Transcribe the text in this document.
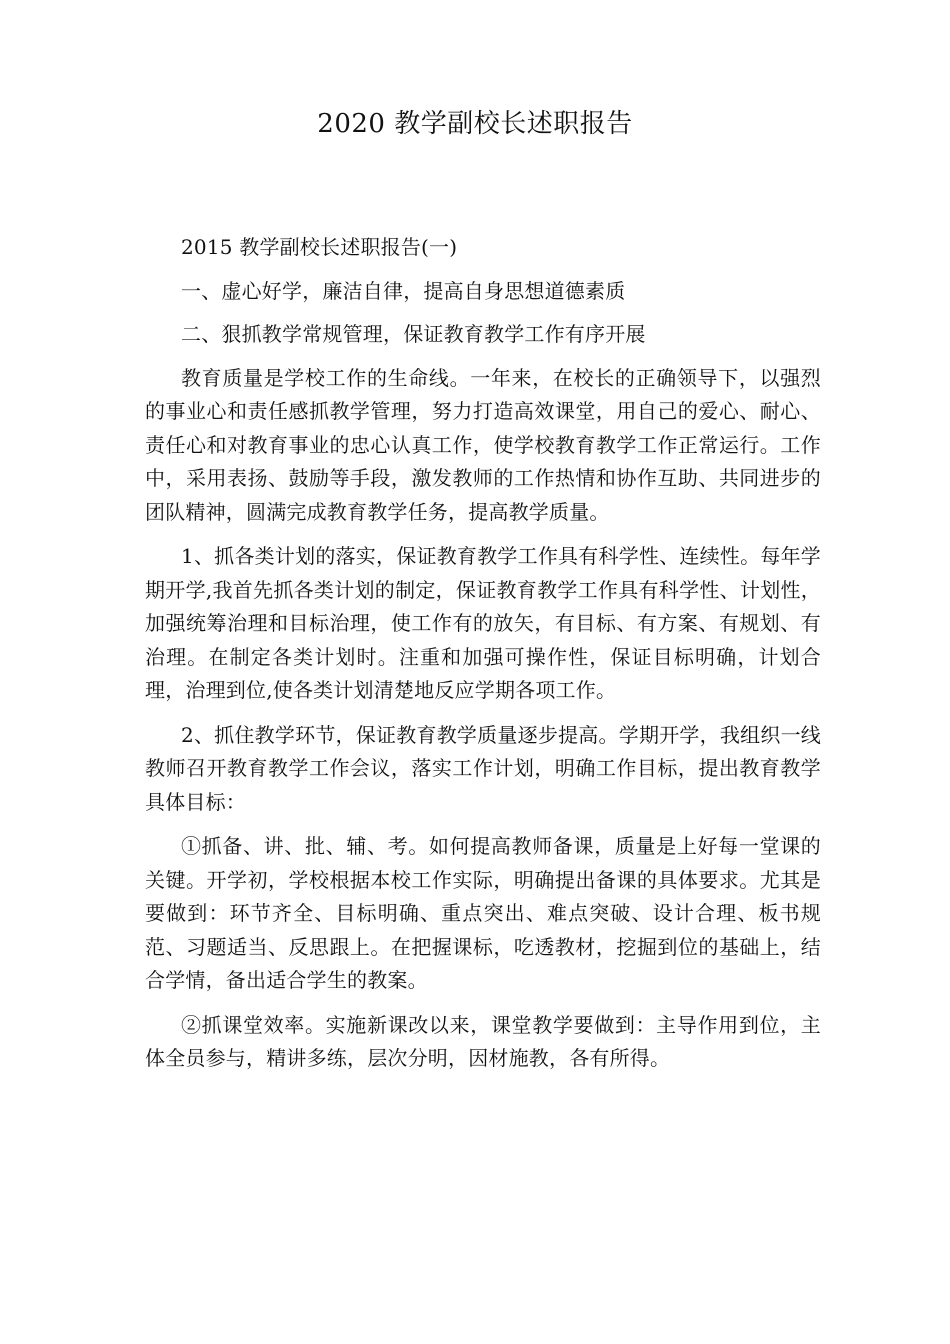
2020 教学副校长述职报告

2015 教学副校长述职报告(一)

一、虚心好学，廉洁自律，提高自身思想道德素质

二、狠抓教学常规管理，保证教育教学工作有序开展

教育质量是学校工作的生命线。一年来，在校长的正确领导下，以强烈的事业心和责任感抓教学管理，努力打造高效课堂，用自己的爱心、耐心、责任心和对教育事业的忠心认真工作，使学校教育教学工作正常运行。工作中，采用表扬、鼓励等手段，激发教师的工作热情和协作互助、共同进步的团队精神，圆满完成教育教学任务，提高教学质量。

1、抓各类计划的落实，保证教育教学工作具有科学性、连续性。每年学期开学,我首先抓各类计划的制定，保证教育教学工作具有科学性、计划性，加强统筹治理和目标治理，使工作有的放矢，有目标、有方案、有规划、有治理。在制定各类计划时。注重和加强可操作性，保证目标明确，计划合理，治理到位,使各类计划清楚地反应学期各项工作。

2、抓住教学环节，保证教育教学质量逐步提高。学期开学，我组织一线教师召开教育教学工作会议，落实工作计划，明确工作目标，提出教育教学具体目标：

①抓备、讲、批、辅、考。如何提高教师备课，质量是上好每一堂课的关键。开学初，学校根据本校工作实际，明确提出备课的具体要求。尤其是要做到：环节齐全、目标明确、重点突出、难点突破、设计合理、板书规范、习题适当、反思跟上。在把握课标，吃透教材，挖掘到位的基础上，结合学情，备出适合学生的教案。

②抓课堂效率。实施新课改以来，课堂教学要做到：主导作用到位，主体全员参与，精讲多练，层次分明，因材施教，各有所得。
